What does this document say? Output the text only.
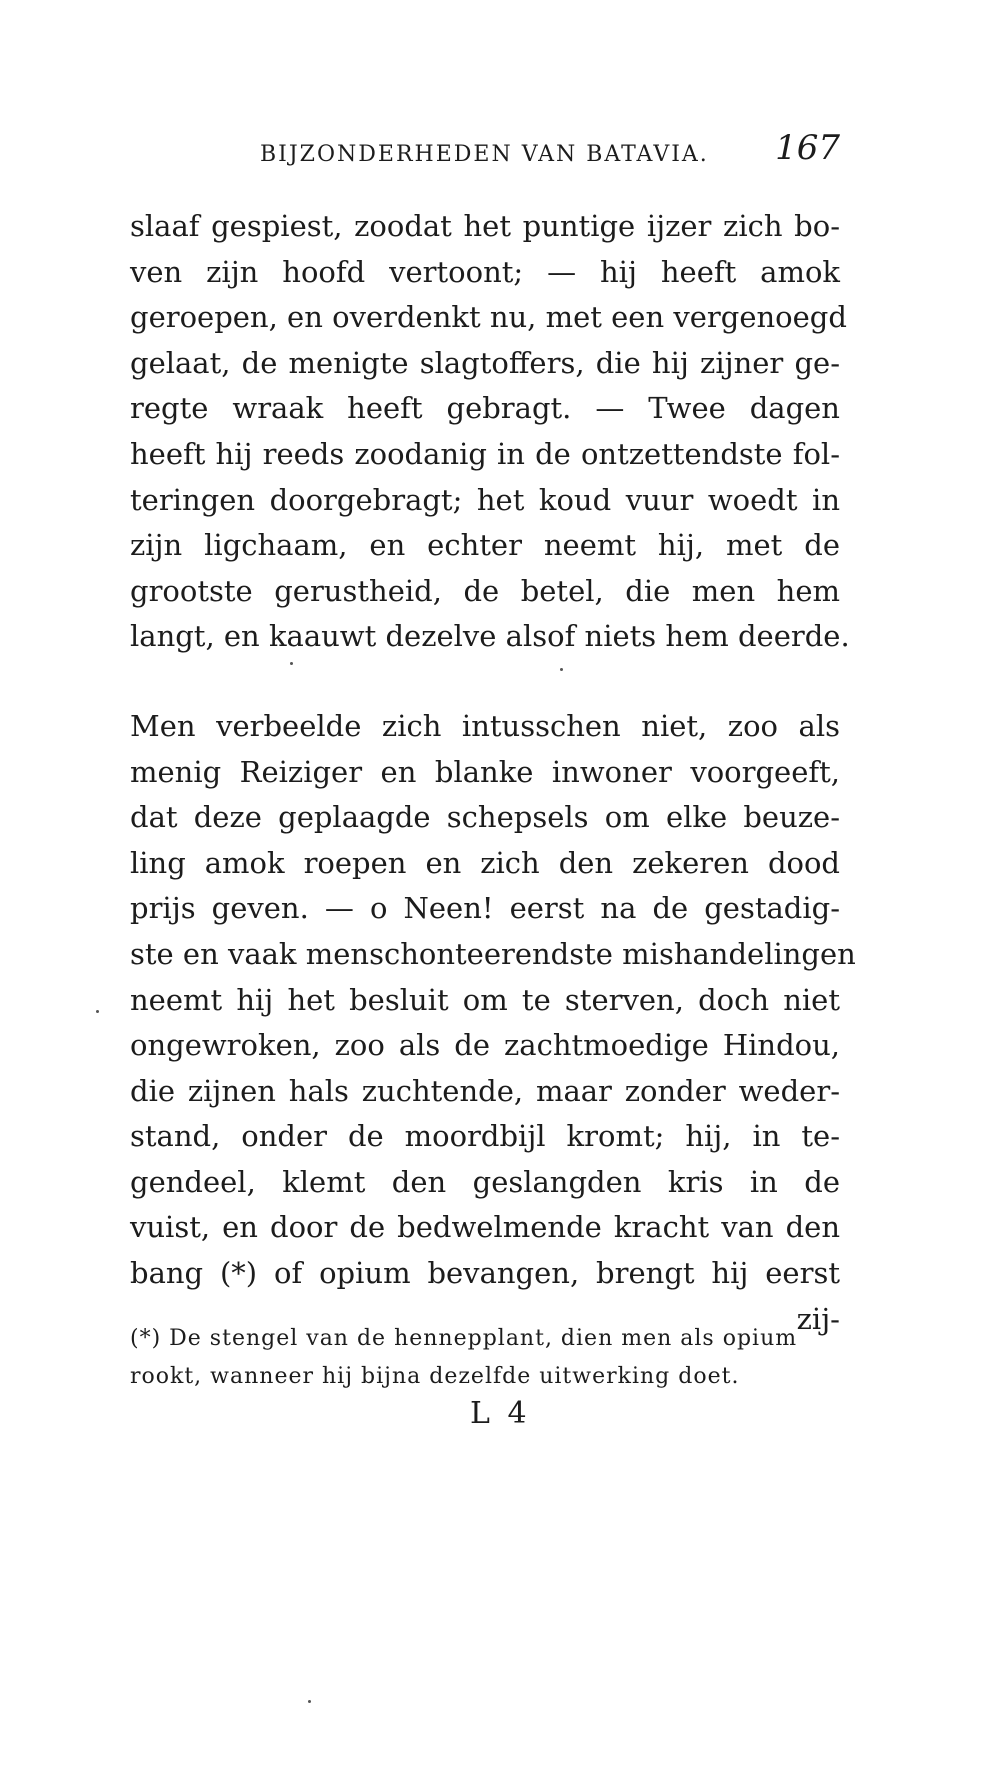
BIJZONDERHEDEN VAN BATAVIA. 167
slaaf gespiest, zoodat het puntige ijzer zich bo-
ven zijn hoofd vertoont; — hij heeft amok
geroepen, en overdenkt nu, met een vergenoegd
gelaat, de menigte slagtoffers, die hij zijner ge-
regte wraak heeft gebragt. — Twee dagen
heeft hij reeds zoodanig in de ontzettendste fol-
teringen doorgebragt; het koud vuur woedt in
zijn ligchaam, en echter neemt hij, met de
grootste gerustheid, de betel, die men hem
langt, en kaauwt dezelve alsof niets hem deerde.
Men verbeelde zich intusschen niet, zoo als
menig Reiziger en blanke inwoner voorgeeft,
dat deze geplaagde schepsels om elke beuze-
ling amok roepen en zich den zekeren dood
prijs geven. — o Neen! eerst na de gestadig-
ste en vaak menschonteerendste mishandelingen
neemt hij het besluit om te sterven, doch niet
ongewroken, zoo als de zachtmoedige Hindou,
die zijnen hals zuchtende, maar zonder weder-
stand, onder de moordbijl kromt; hij, in te-
gendeel, klemt den geslangden kris in de
vuist, en door de bedwelmende kracht van den
bang (*) of opium bevangen, brengt hij eerst
zij-
(*) De stengel van de hennepplant, dien men als opium
rookt, wanneer hij bijna dezelfde uitwerking doet.
L 4
